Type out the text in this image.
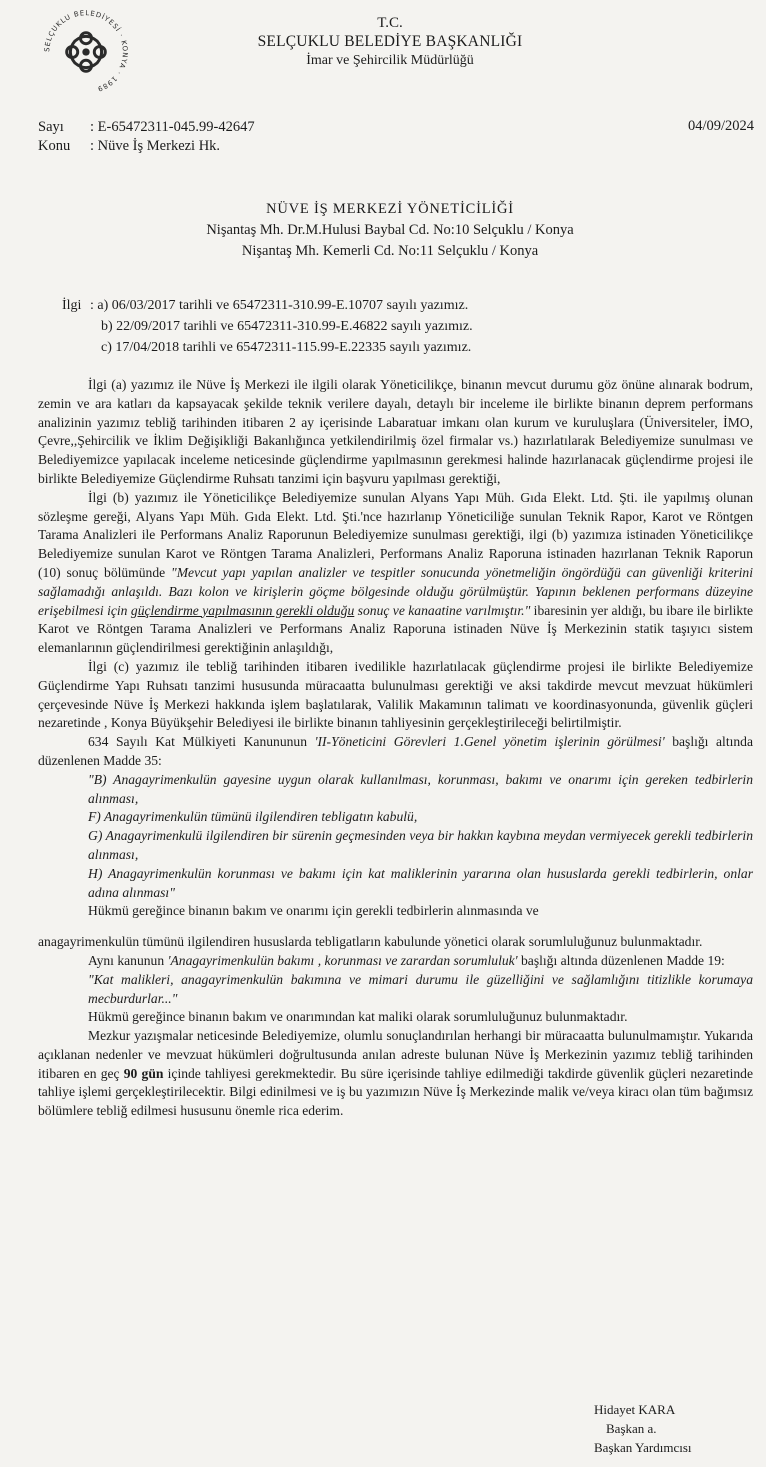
SELÇUKLU BELEDİYESİ · KONYA · 1989
T.C.
SELÇUKLU BELEDİYE BAŞKANLIĞI
İmar ve Şehircilik Müdürlüğü
Sayı : E-65472311-045.99-42647
Konu : Nüve İş Merkezi Hk.
04/09/2024
NÜVE İŞ MERKEZİ YÖNETİCİLİĞİ
Nişantaş Mh. Dr.M.Hulusi Baybal Cd. No:10 Selçuklu / Konya
Nişantaş Mh. Kemerli Cd. No:11 Selçuklu / Konya
İlgi : a) 06/03/2017 tarihli ve 65472311-310.99-E.10707 sayılı yazımız.
b) 22/09/2017 tarihli ve 65472311-310.99-E.46822 sayılı yazımız.
c) 17/04/2018 tarihli ve 65472311-115.99-E.22335 sayılı yazımız.

İlgi (a) yazımız ile Nüve İş Merkezi ile ilgili olarak Yöneticilikçe, binanın mevcut durumu göz önüne alınarak bodrum, zemin ve ara katları da kapsayacak şekilde teknik verilere dayalı, detaylı bir inceleme ile birlikte binanın deprem performans analizinin yazımız tebliğ tarihinden itibaren 2 ay içerisinde Labaratuar imkanı olan kurum ve kuruluşlara (Üniversiteler, İMO, Çevre,,Şehircilik ve İklim Değişikliği Bakanlığınca yetkilendirilmiş özel firmalar vs.) hazırlatılarak Belediyemize sunulması ve Belediyemizce yapılacak inceleme neticesinde güçlendirme yapılmasının gerekmesi halinde hazırlanacak güçlendirme projesi ile birlikte Belediyemize Güçlendirme Ruhsatı tanzimi için başvuru yapılması gerektiği,

İlgi (b) yazımız ile Yöneticilikçe Belediyemize sunulan Alyans Yapı Müh. Gıda Elekt. Ltd. Şti. ile yapılmış olunan sözleşme gereği, Alyans Yapı Müh. Gıda Elekt. Ltd. Şti.'nce hazırlanıp Yöneticiliğe sunulan Teknik Rapor, Karot ve Röntgen Tarama Analizleri ile Performans Analiz Raporunun Belediyemize sunulması gerektiği, ilgi (b) yazımıza istinaden Yöneticilikçe Belediyemize sunulan Karot ve Röntgen Tarama Analizleri, Performans Analiz Raporuna istinaden hazırlanan Teknik Raporun (10) sonuç bölümünde "Mevcut yapı yapılan analizler ve tespitler sonucunda yönetmeliğin öngördüğü can güvenliği kriterini sağlamadığı anlaşıldı. Bazı kolon ve kirişlerin göçme bölgesinde olduğu görülmüştür. Yapının beklenen performans düzeyine erişebilmesi için güçlendirme yapılmasının gerekli olduğu sonuç ve kanaatine varılmıştır." ibaresinin yer aldığı, bu ibare ile birlikte Karot ve Röntgen Tarama Analizleri ve Performans Analiz Raporuna istinaden Nüve İş Merkezinin statik taşıyıcı sistem elemanlarının güçlendirilmesi gerektiğinin anlaşıldığı,

İlgi (c) yazımız ile tebliğ tarihinden itibaren ivedilikle hazırlatılacak güçlendirme projesi ile birlikte Belediyemize Güçlendirme Yapı Ruhsatı tanzimi hususunda müracaatta bulunulması gerektiği ve aksi takdirde mevcut mevzuat hükümleri çerçevesinde Nüve İş Merkezi hakkında işlem başlatılarak, Valilik Makamının talimatı ve koordinasyonunda, güvenlik güçleri nezaretinde , Konya Büyükşehir Belediyesi ile birlikte binanın tahliyesinin gerçekleştirileceği belirtilmiştir.

634 Sayılı Kat Mülkiyeti Kanununun 'II-Yöneticini Görevleri 1.Genel yönetim işlerinin görülmesi' başlığı altında düzenlenen Madde 35:

"B) Anagayrimenkulün gayesine uygun olarak kullanılması, korunması, bakımı ve onarımı için gereken tedbirlerin alınması,

F) Anagayrimenkulün tümünü ilgilendiren tebligatın kabulü,

G) Anagayrimenkulü ilgilendiren bir sürenin geçmesinden veya bir hakkın kaybına meydan vermiyecek gerekli tedbirlerin alınması,

H) Anagayrimenkulün korunması ve bakımı için kat maliklerinin yararına olan hususlarda gerekli tedbirlerin, onlar adına alınması"

Hükmü gereğince binanın bakım ve onarımı için gerekli tedbirlerin alınmasında ve

anagayrimenkulün tümünü ilgilendiren hususlarda tebligatların kabulunde yönetici olarak sorumluluğunuz bulunmaktadır.

Aynı kanunun 'Anagayrimenkulün bakımı , korunması ve zarardan sorumluluk' başlığı altında düzenlenen Madde 19:

"Kat malikleri, anagayrimenkulün bakımına ve mimari durumu ile güzelliğini ve sağlamlığını titizlikle korumaya mecburdurlar..."

Hükmü gereğince binanın bakım ve onarımından kat maliki olarak sorumluluğunuz bulunmaktadır.

Mezkur yazışmalar neticesinde Belediyemize, olumlu sonuçlandırılan herhangi bir müracaatta bulunulmamıştır. Yukarıda açıklanan nedenler ve mevzuat hükümleri doğrultusunda anılan adreste bulunan Nüve İş Merkezinin yazımız tebliğ tarihinden itibaren en geç 90 gün içinde tahliyesi gerekmektedir. Bu süre içerisinde tahliye edilmediği takdirde güvenlik güçleri nezaretinde tahliye işlemi gerçekleştirilecektir. Bilgi edinilmesi ve iş bu yazımızın Nüve İş Merkezinde malik ve/veya kiracı olan tüm bağımsız bölümlere tebliğ edilmesi hususunu önemle rica ederim.

Hidayet KARA
Başkan a.
Başkan Yardımcısı
